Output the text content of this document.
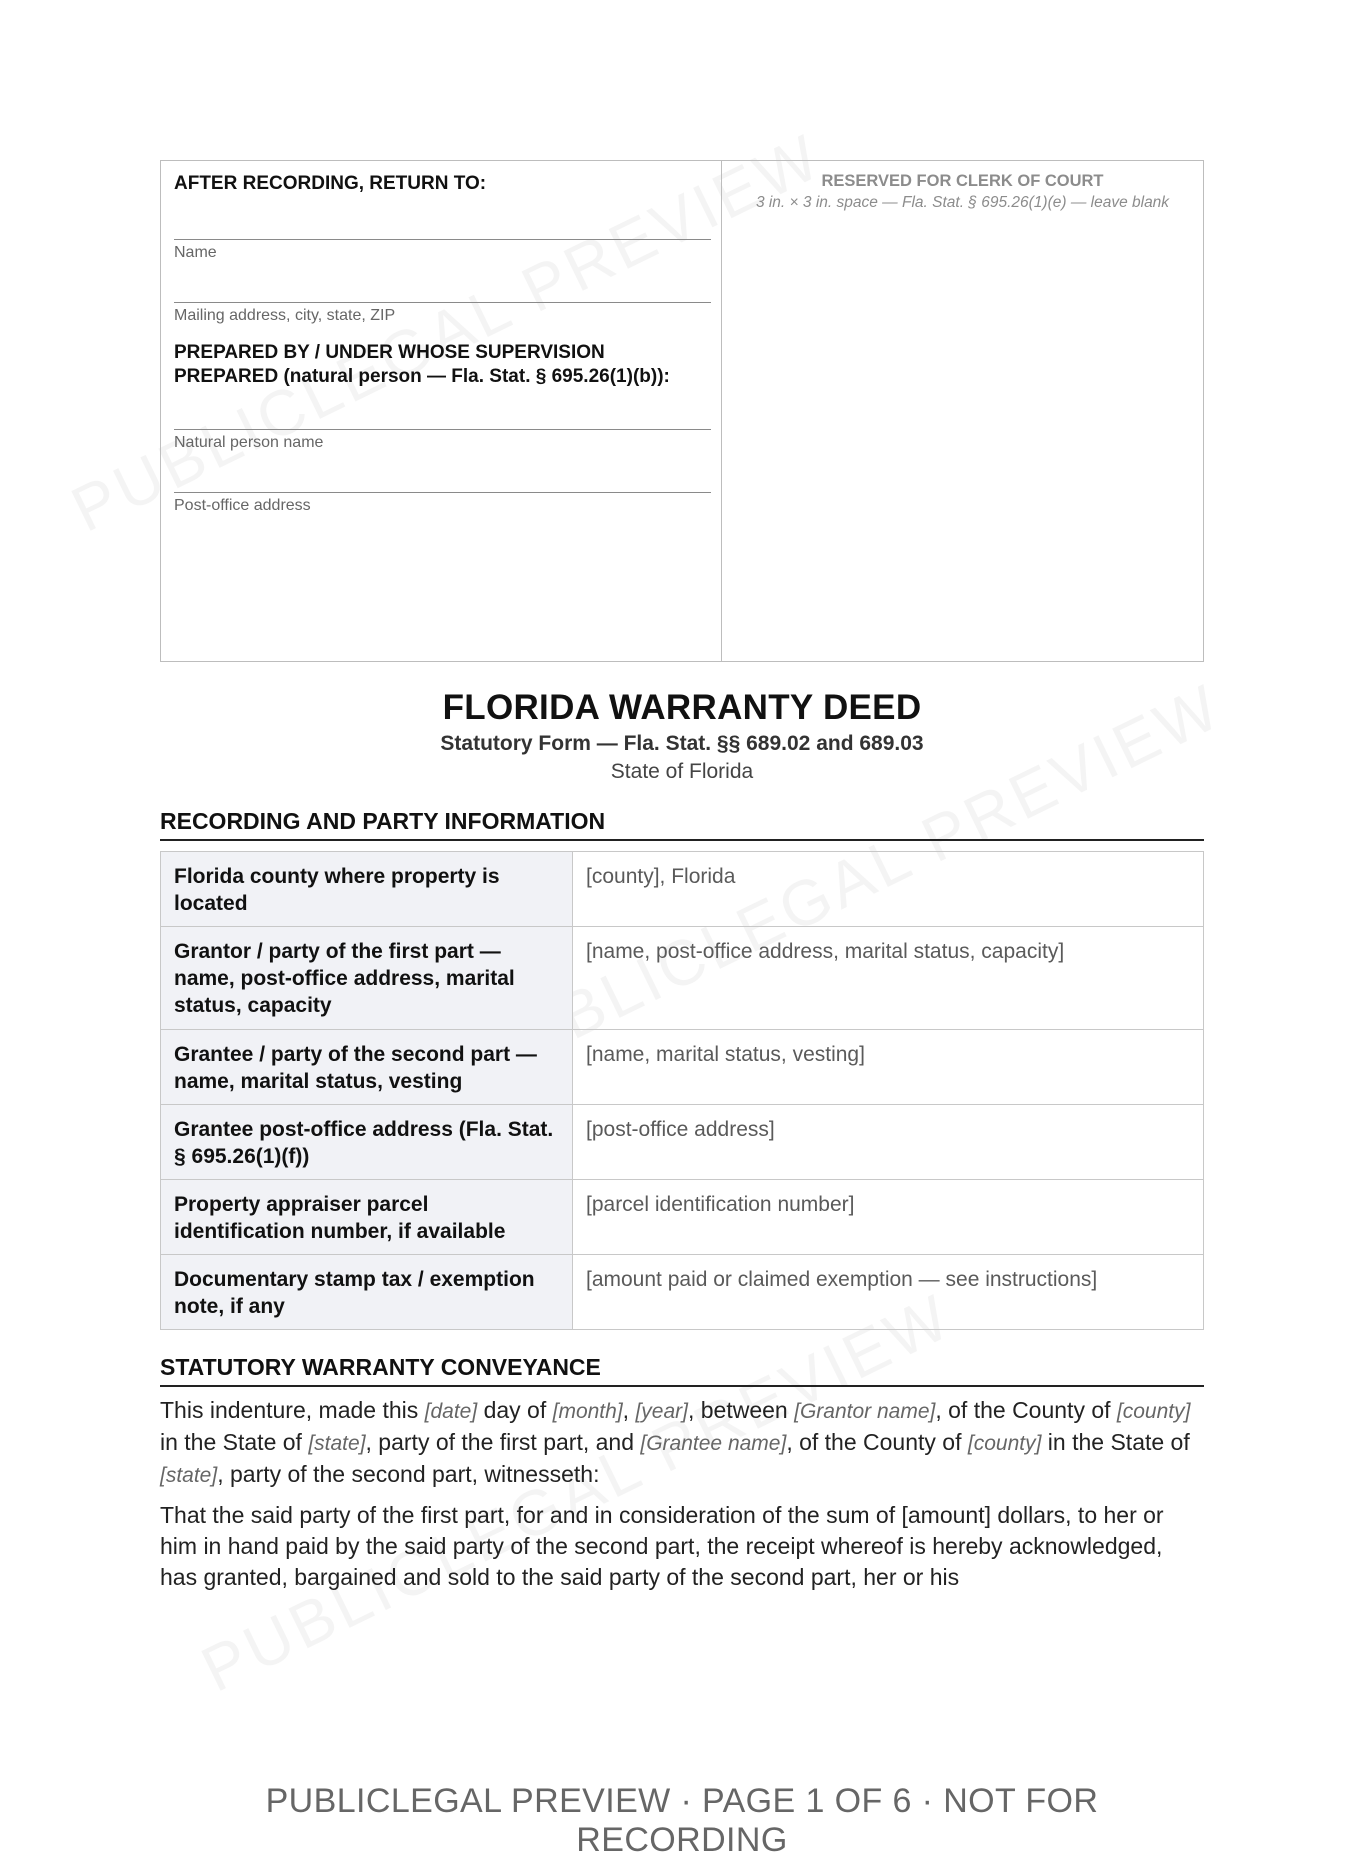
AFTER RECORDING, RETURN TO:
Name
Mailing address, city, state, ZIP
PREPARED BY / UNDER WHOSE SUPERVISION PREPARED (natural person — Fla. Stat. § 695.26(1)(b)):
Natural person name
Post-office address
RESERVED FOR CLERK OF COURT
3 in. × 3 in. space — Fla. Stat. § 695.26(1)(e) — leave blank
FLORIDA WARRANTY DEED
Statutory Form — Fla. Stat. §§ 689.02 and 689.03
State of Florida
RECORDING AND PARTY INFORMATION
Florida county where property is located	[county], Florida
Grantor / party of the first part — name, post-office address, marital status, capacity	[name, post-office address, marital status, capacity]
Grantee / party of the second part — name, marital status, vesting	[name, marital status, vesting]
Grantee post-office address (Fla. Stat. § 695.26(1)(f))	[post-office address]
Property appraiser parcel identification number, if available	[parcel identification number]
Documentary stamp tax / exemption note, if any	[amount paid or claimed exemption — see instructions]
STATUTORY WARRANTY CONVEYANCE

This indenture, made this [date] day of [month], [year], between [Grantor name], of the County of [county] in the State of [state], party of the first part, and [Grantee name], of the County of [county] in the State of [state], party of the second part, witnesseth:

That the said party of the first part, for and in consideration of the sum of [amount] dollars, to her or him in hand paid by the said party of the second part, the receipt whereof is hereby acknowledged, has granted, bargained and sold to the said party of the second part, her or his

PUBLICLEGAL PREVIEW · PAGE 1 OF 6 · NOT FOR RECORDING
